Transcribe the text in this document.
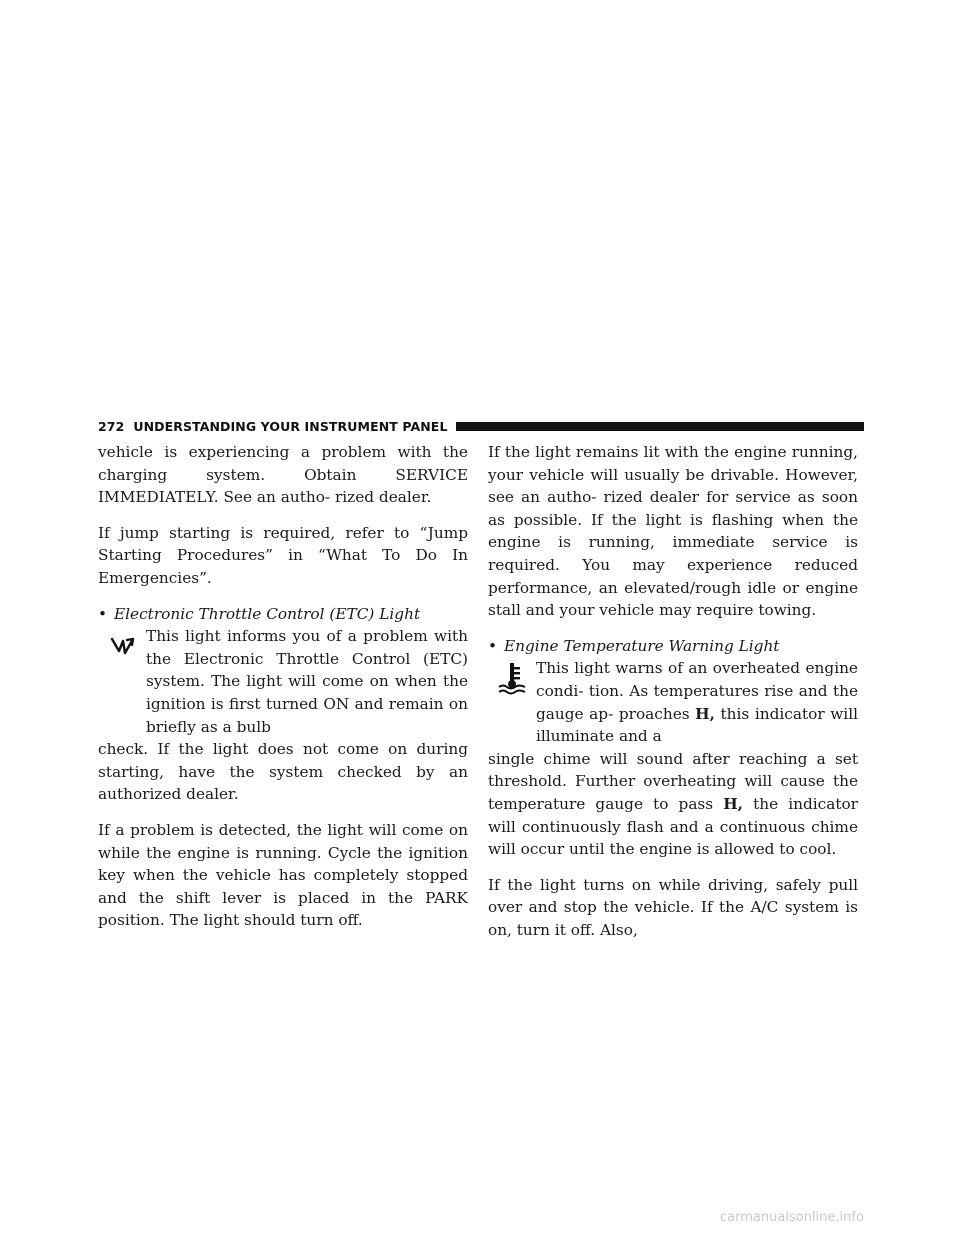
272 UNDERSTANDING YOUR INSTRUMENT PANEL

vehicle is experiencing a problem with the charging system. Obtain SERVICE IMMEDIATELY. See an autho- rized dealer.

If jump starting is required, refer to “Jump Starting Procedures” in “What To Do In Emergencies”.

• Electronic Throttle Control (ETC) Light
This light informs you of a problem with the Electronic Throttle Control (ETC) system. The light will come on when the ignition is first turned ON and remain on briefly as a bulb

check. If the light does not come on during starting, have the system checked by an authorized dealer.

If a problem is detected, the light will come on while the engine is running. Cycle the ignition key when the vehicle has completely stopped and the shift lever is placed in the PARK position. The light should turn off.

If the light remains lit with the engine running, your vehicle will usually be drivable. However, see an autho- rized dealer for service as soon as possible. If the light is flashing when the engine is running, immediate service is required. You may experience reduced performance, an elevated/rough idle or engine stall and your vehicle may require towing.

• Engine Temperature Warning Light
This light warns of an overheated engine condi- tion. As temperatures rise and the gauge ap- proaches H, this indicator will illuminate and a

single chime will sound after reaching a set threshold. Further overheating will cause the temperature gauge to pass H, the indicator will continuously flash and a continuous chime will occur until the engine is allowed to cool.

If the light turns on while driving, safely pull over and stop the vehicle. If the A/C system is on, turn it off. Also,

carmanualsonline.info
